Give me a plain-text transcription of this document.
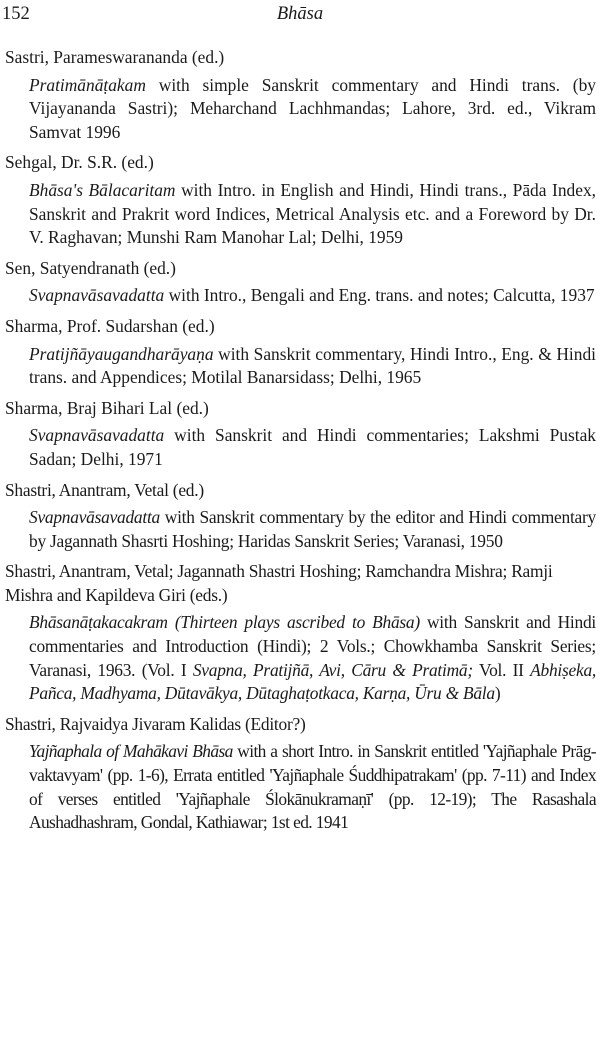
152	Bhāsa
Sastri, Parameswarananda (ed.)
Pratimānāṭakam with simple Sanskrit commentary and Hindi trans. (by Vijayananda Sastri); Meharchand Lachhmandas; Lahore, 3rd. ed., Vikram Samvat 1996
Sehgal, Dr. S.R. (ed.)
Bhāsa's Bālacaritam with Intro. in English and Hindi, Hindi trans., Pāda Index, Sanskrit and Prakrit word Indices, Metrical Analysis etc. and a Foreword by Dr. V. Raghavan; Munshi Ram Manohar Lal; Delhi, 1959
Sen, Satyendranath (ed.)
Svapnavāsavadatta with Intro., Bengali and Eng. trans. and notes; Calcutta, 1937
Sharma, Prof. Sudarshan (ed.)
Pratijñāyaugandharāyaṇa with Sanskrit commentary, Hindi Intro., Eng. & Hindi trans. and Appendices; Motilal Banarsidass; Delhi, 1965
Sharma, Braj Bihari Lal (ed.)
Svapnavāsavadatta with Sanskrit and Hindi commentaries; Lakshmi Pustak Sadan; Delhi, 1971
Shastri, Anantram, Vetal (ed.)
Svapnavāsavadatta with Sanskrit commentary by the editor and Hindi commentary by Jagannath Shasrti Hoshing; Haridas Sanskrit Series; Varanasi, 1950
Shastri, Anantram, Vetal; Jagannath Shastri Hoshing; Ramchandra Mishra; Ramji Mishra and Kapildeva Giri (eds.)
Bhāsanāṭakacakram (Thirteen plays ascribed to Bhāsa) with Sanskrit and Hindi commentaries and Introduction (Hindi); 2 Vols.; Chowkhamba Sanskrit Series; Varanasi, 1963. (Vol. I Svapna, Pratijñā, Avi, Cāru & Pratimā; Vol. II Abhiṣeka, Pañca, Madhyama, Dūtavākya, Dūtaghaṭotkaca, Karṇa, Ūru & Bāla)
Shastri, Rajvaidya Jivaram Kalidas (Editor?)
Yajñaphala of Mahākavi Bhāsa with a short Intro. in Sanskrit entitled 'Yajñaphale Prāg-vaktavyam' (pp. 1-6), Errata entitled 'Yajñaphale Śuddhipatrakam' (pp. 7-11) and Index of verses entitled 'Yajñaphale Ślokānukramaṇī' (pp. 12-19); The Rasashala Aushadhashram, Gondal, Kathiawar; 1st ed. 1941
